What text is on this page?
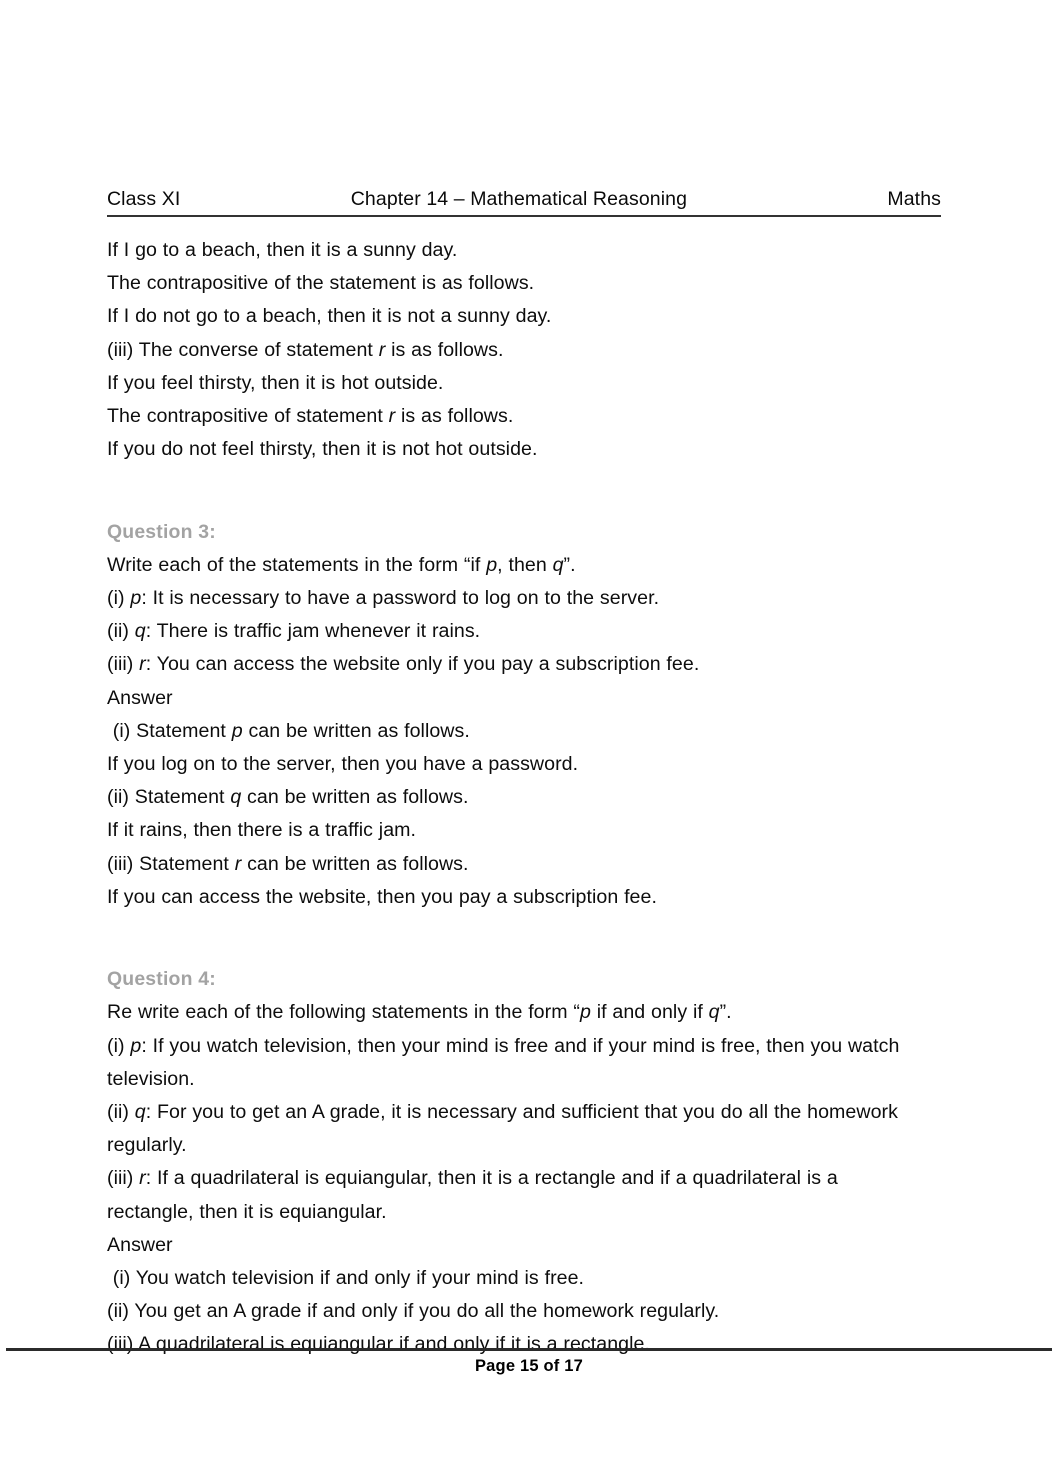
Class XI	Chapter 14 – Mathematical Reasoning	Maths
If I go to a beach, then it is a sunny day.
The contrapositive of the statement is as follows.
If I do not go to a beach, then it is not a sunny day.
(iii) The converse of statement r is as follows.
If you feel thirsty, then it is hot outside.
The contrapositive of statement r is as follows.
If you do not feel thirsty, then it is not hot outside.
Question 3:
Write each of the statements in the form “if p, then q”.
(i) p: It is necessary to have a password to log on to the server.
(ii) q: There is traffic jam whenever it rains.
(iii) r: You can access the website only if you pay a subscription fee.
Answer
(i) Statement p can be written as follows.
If you log on to the server, then you have a password.
(ii) Statement q can be written as follows.
If it rains, then there is a traffic jam.
(iii) Statement r can be written as follows.
If you can access the website, then you pay a subscription fee.
Question 4:
Re write each of the following statements in the form “p if and only if q”.
(i) p: If you watch television, then your mind is free and if your mind is free, then you watch television.
(ii) q: For you to get an A grade, it is necessary and sufficient that you do all the homework regularly.
(iii) r: If a quadrilateral is equiangular, then it is a rectangle and if a quadrilateral is a rectangle, then it is equiangular.
Answer
(i) You watch television if and only if your mind is free.
(ii) You get an A grade if and only if you do all the homework regularly.
(iii) A quadrilateral is equiangular if and only if it is a rectangle.
Page 15 of 17
